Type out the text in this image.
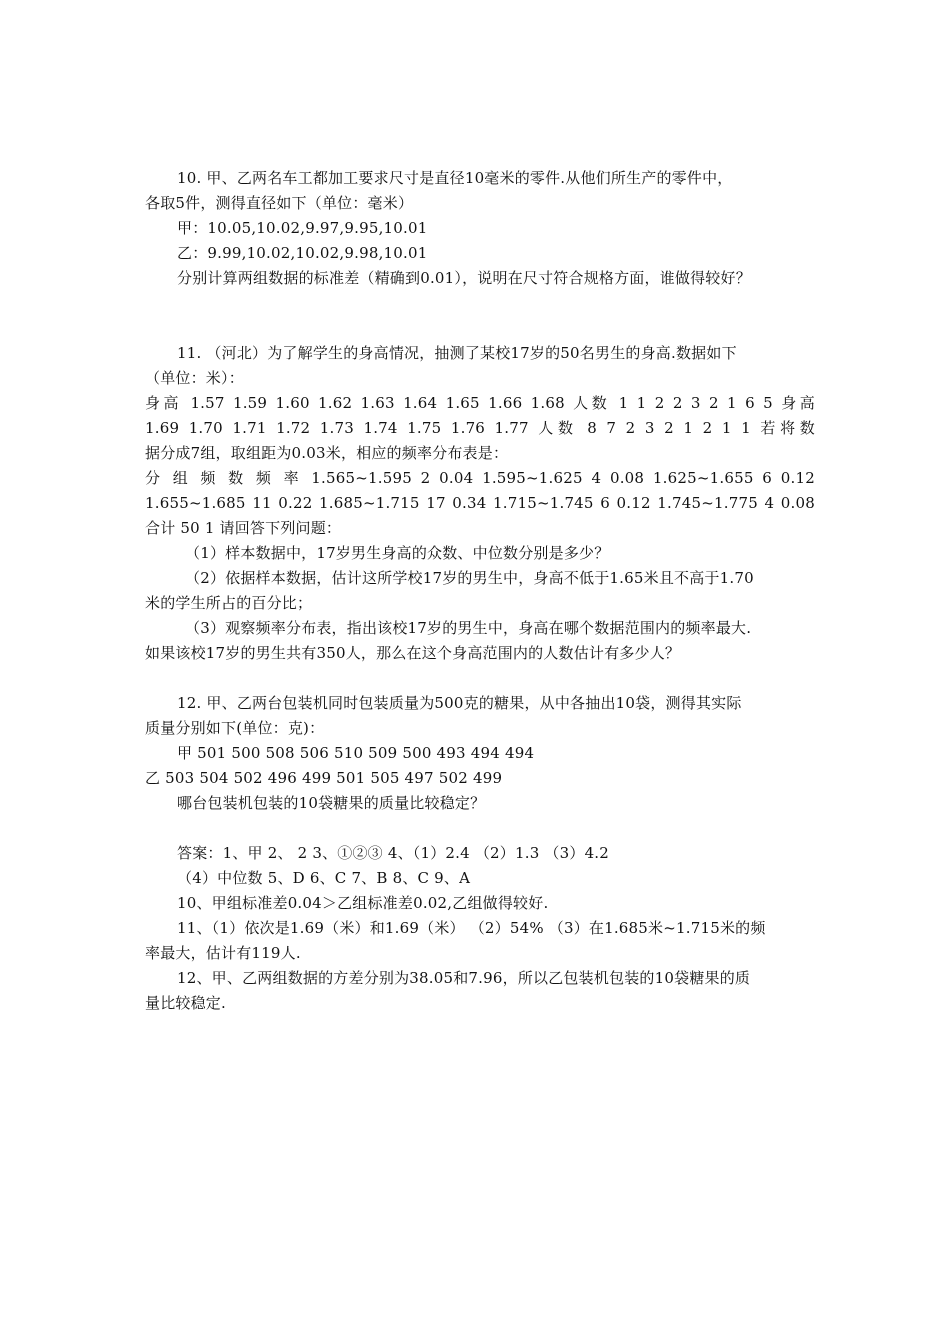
10. 甲、乙两名车工都加工要求尺寸是直径10毫米的零件.从他们所生产的零件中，
各取5件，测得直径如下（单位：毫米）
甲：10.05,10.02,9.97,9.95,10.01
乙：9.99,10.02,10.02,9.98,10.01
分别计算两组数据的标准差（精确到0.01），说明在尺寸符合规格方面，谁做得较好？
11. （河北）为了解学生的身高情况，抽测了某校17岁的50名男生的身高.数据如下
（单位：米）：
身高 1.57 1.59 1.60 1.62 1.63 1.64 1.65 1.66 1.68 人数 1 1 2 2 3 2 1 6 5 身高
1.69 1.70 1.71 1.72 1.73 1.74 1.75 1.76 1.77 人数 8 7 2 3 2 1 2 1 1 若将数
据分成7组，取组距为0.03米，相应的频率分布表是：
分 组 频 数 频 率 1.565~1.595 2 0.04 1.595~1.625 4 0.08 1.625~1.655 6 0.12
1.655~1.685 11 0.22 1.685~1.715 17 0.34 1.715~1.745 6 0.12 1.745~1.775 4 0.08
合计 50 1 请回答下列问题：
（1）样本数据中，17岁男生身高的众数、中位数分别是多少？
（2）依据样本数据，估计这所学校17岁的男生中，身高不低于1.65米且不高于1.70
米的学生所占的百分比；
（3）观察频率分布表，指出该校17岁的男生中，身高在哪个数据范围内的频率最大.
如果该校17岁的男生共有350人，那么在这个身高范围内的人数估计有多少人？
12. 甲、乙两台包装机同时包装质量为500克的糖果，从中各抽出10袋，测得其实际
质量分别如下(单位：克)：
甲 501 500 508 506 510 509 500 493 494 494
乙 503 504 502 496 499 501 505 497 502 499
哪台包装机包装的10袋糖果的质量比较稳定？
答案：1、甲 2、 2 3、①②③ 4、（1）2.4 （2）1.3 （3）4.2
（4）中位数 5、D 6、C 7、B 8、C 9、A
10、甲组标准差0.04＞乙组标准差0.02,乙组做得较好.
11、（1）依次是1.69（米）和1.69（米） （2）54% （3）在1.685米~1.715米的频
率最大，估计有119人.
12、甲、乙两组数据的方差分别为38.05和7.96，所以乙包装机包装的10袋糖果的质
量比较稳定.
